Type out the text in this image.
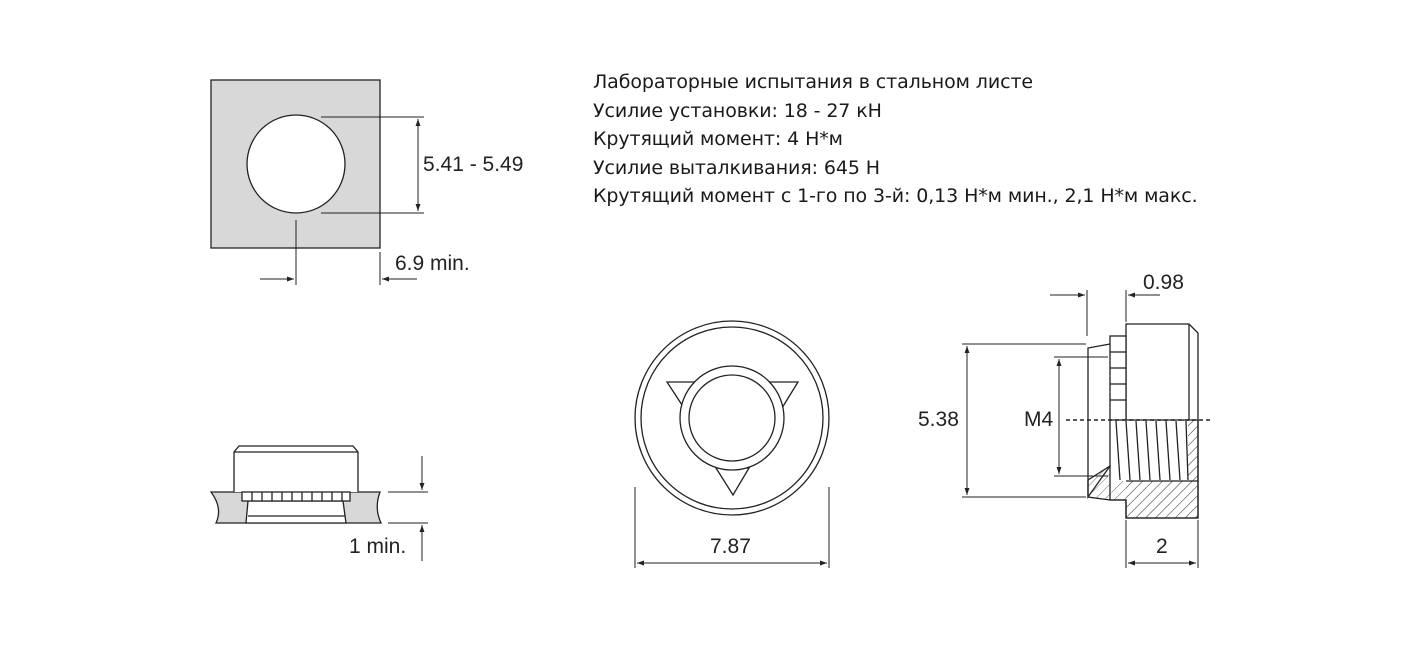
Лабораторные испытания в стальном листе
Усилие установки: 18 - 27 кН
Крутящий момент: 4 Н*м
Усилие выталкивания: 645 Н
Крутящий момент с 1-го по 3-й: 0,13 Н*м мин., 2,1 Н*м макс.
5.41 - 5.49
6.9 min.
1 min.	7.87
0.98
5.38	M4
2
